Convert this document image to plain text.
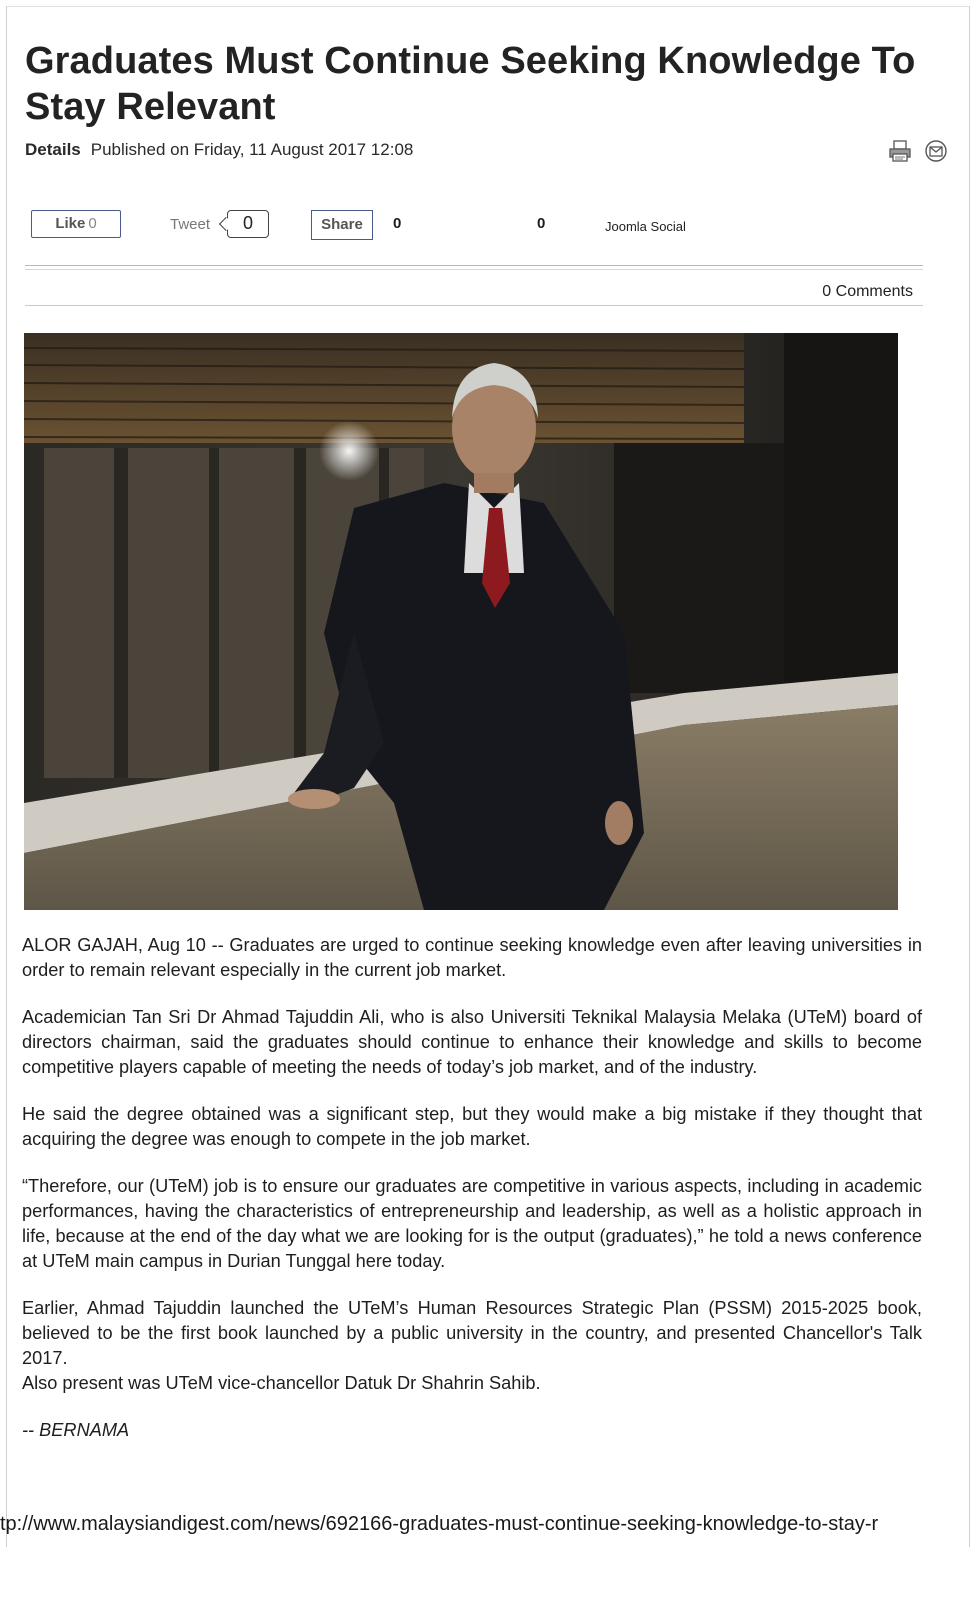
Graduates Must Continue Seeking Knowledge To Stay Relevant
Details Published on Friday, 11 August 2017 12:08
Like 0	Tweet	0	Share	0	0	Joomla Social
0 Comments

ALOR GAJAH, Aug 10 -- Graduates are urged to continue seeking knowledge even after leaving universities in order to remain relevant especially in the current job market.

Academician Tan Sri Dr Ahmad Tajuddin Ali, who is also Universiti Teknikal Malaysia Melaka (UTeM) board of directors chairman, said the graduates should continue to enhance their knowledge and skills to become competitive players capable of meeting the needs of today’s job market, and of the industry.

He said the degree obtained was a significant step, but they would make a big mistake if they thought that acquiring the degree was enough to compete in the job market.

“Therefore, our (UTeM) job is to ensure our graduates are competitive in various aspects, including in academic performances, having the characteristics of entrepreneurship and leadership, as well as a holistic approach in life, because at the end of the day what we are looking for is the output (graduates),” he told a news conference at UTeM main campus in Durian Tunggal here today.

Earlier, Ahmad Tajuddin launched the UTeM’s Human Resources Strategic Plan (PSSM) 2015-2025 book, believed to be the first book launched by a public university in the country, and presented Chancellor's Talk 2017.

Also present was UTeM vice-chancellor Datuk Dr Shahrin Sahib.

-- BERNAMA

tp://www.malaysiandigest.com/news/692166-graduates-must-continue-seeking-knowledge-to-stay-r
